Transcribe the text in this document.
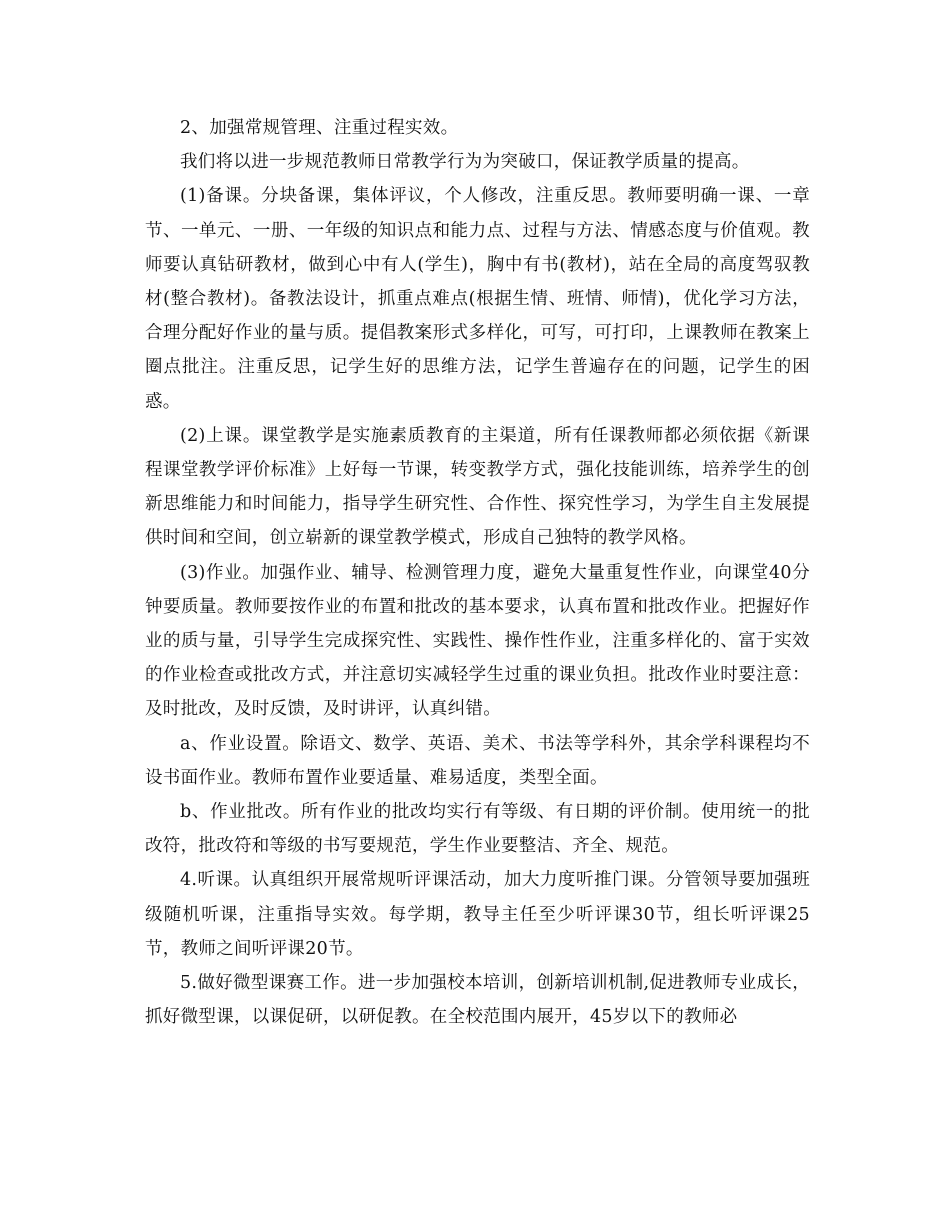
2、加强常规管理、注重过程实效。

我们将以进一步规范教师日常教学行为为突破口，保证教学质量的提高。

(1)备课。分块备课，集体评议，个人修改，注重反思。教师要明确一课、一章节、一单元、一册、一年级的知识点和能力点、过程与方法、情感态度与价值观。教师要认真钻研教材，做到心中有人(学生)，胸中有书(教材)，站在全局的高度驾驭教材(整合教材)。备教法设计，抓重点难点(根据生情、班情、师情)，优化学习方法，合理分配好作业的量与质。提倡教案形式多样化，可写，可打印，上课教师在教案上圈点批注。注重反思，记学生好的思维方法，记学生普遍存在的问题，记学生的困惑。

(2)上课。课堂教学是实施素质教育的主渠道，所有任课教师都必须依据《新课程课堂教学评价标准》上好每一节课，转变教学方式，强化技能训练，培养学生的创新思维能力和时间能力，指导学生研究性、合作性、探究性学习，为学生自主发展提供时间和空间，创立崭新的课堂教学模式，形成自己独特的教学风格。

(3)作业。加强作业、辅导、检测管理力度，避免大量重复性作业，向课堂40分钟要质量。教师要按作业的布置和批改的基本要求，认真布置和批改作业。把握好作业的质与量，引导学生完成探究性、实践性、操作性作业，注重多样化的、富于实效的作业检查或批改方式，并注意切实减轻学生过重的课业负担。批改作业时要注意：及时批改，及时反馈，及时讲评，认真纠错。

a、作业设置。除语文、数学、英语、美术、书法等学科外，其余学科课程均不设书面作业。教师布置作业要适量、难易适度，类型全面。

b、作业批改。所有作业的批改均实行有等级、有日期的评价制。使用统一的批改符，批改符和等级的书写要规范，学生作业要整洁、齐全、规范。

4.听课。认真组织开展常规听评课活动，加大力度听推门课。分管领导要加强班级随机听课，注重指导实效。每学期，教导主任至少听评课30节，组长听评课25节，教师之间听评课20节。

5.做好微型课赛工作。进一步加强校本培训，创新培训机制,促进教师专业成长，抓好微型课，以课促研，以研促教。在全校范围内展开，45岁以下的教师必
